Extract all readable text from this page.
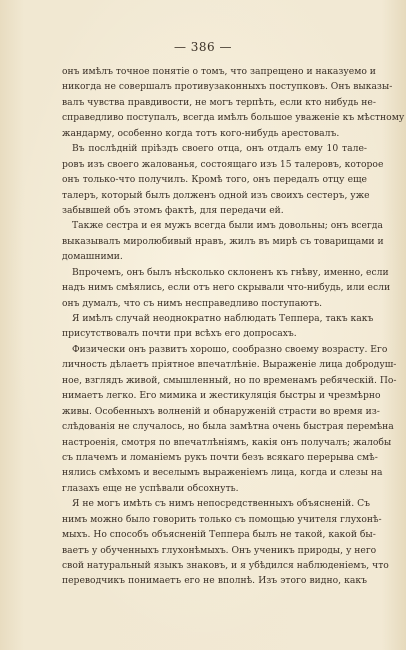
— 386 —
онъ имѣлъ точное понятіе о томъ, что запрещено и наказуемо и
никогда не совершалъ противузаконныхъ поступковъ. Онъ выказы-
валъ чувства правдивости, не могъ терпѣть, если кто нибудь не-
справедливо поступалъ, всегда имѣлъ большое уваженіе къ мѣстному
жандарму, особенно когда тотъ кого-нибудь арестовалъ.
Въ послѣдній пріѣздъ своего отца, онъ отдалъ ему 10 тале-
ровъ изъ своего жалованья, состоящаго изъ 15 талеровъ, которое
онъ только-что получилъ. Кромѣ того, онъ передалъ отцу еще
талеръ, который былъ долженъ одной изъ своихъ сестеръ, уже
забывшей объ этомъ фактѣ, для передачи ей.
Также сестра и ея мужъ всегда были имъ довольны; онъ всегда
выказывалъ миролюбивый нравъ, жилъ въ мирѣ съ товарищами и
домашними.
Впрочемъ, онъ былъ нѣсколько склоненъ къ гнѣву, именно, если
надъ нимъ смѣялись, если отъ него скрывали что-нибудь, или если
онъ думалъ, что съ нимъ несправедливо поступаютъ.
Я имѣлъ случай неоднократно наблюдать Теппера, такъ какъ
присутствовалъ почти при всѣхъ его допросахъ.
Физически онъ развитъ хорошо, сообразно своему возрасту. Его
личность дѣлаетъ пріятное впечатлѣніе. Выраженіе лица добродуш-
ное, взглядъ живой, смышленный, но по временамъ ребяческій. По-
нимаетъ легко. Его мимика и жестикуляція быстры и чрезмѣрно
живы. Особенныхъ волненій и обнаруженій страсти во время из-
слѣдованія не случалось, но была замѣтна очень быстрая перемѣна
настроенія, смотря по впечатлѣніямъ, какія онъ получалъ; жалобы
съ плачемъ и ломаніемъ рукъ почти безъ всякаго перерыва смѣ-
нялись смѣхомъ и веселымъ выраженіемъ лица, когда и слезы на
глазахъ еще не успѣвали обсохнуть.
Я не могъ имѣть съ нимъ непосредственныхъ объясненій. Съ
нимъ можно было говорить только съ помощью учителя глухонѣ-
мыхъ. Но способъ объясненій Теппера былъ не такой, какой бы-
ваетъ у обученныхъ глухонѣмыхъ. Онъ ученикъ природы, у него
свой натуральный языкъ знаковъ, и я убѣдился наблюденіемъ, что
переводчикъ понимаетъ его не вполнѣ. Изъ этого видно, какъ
